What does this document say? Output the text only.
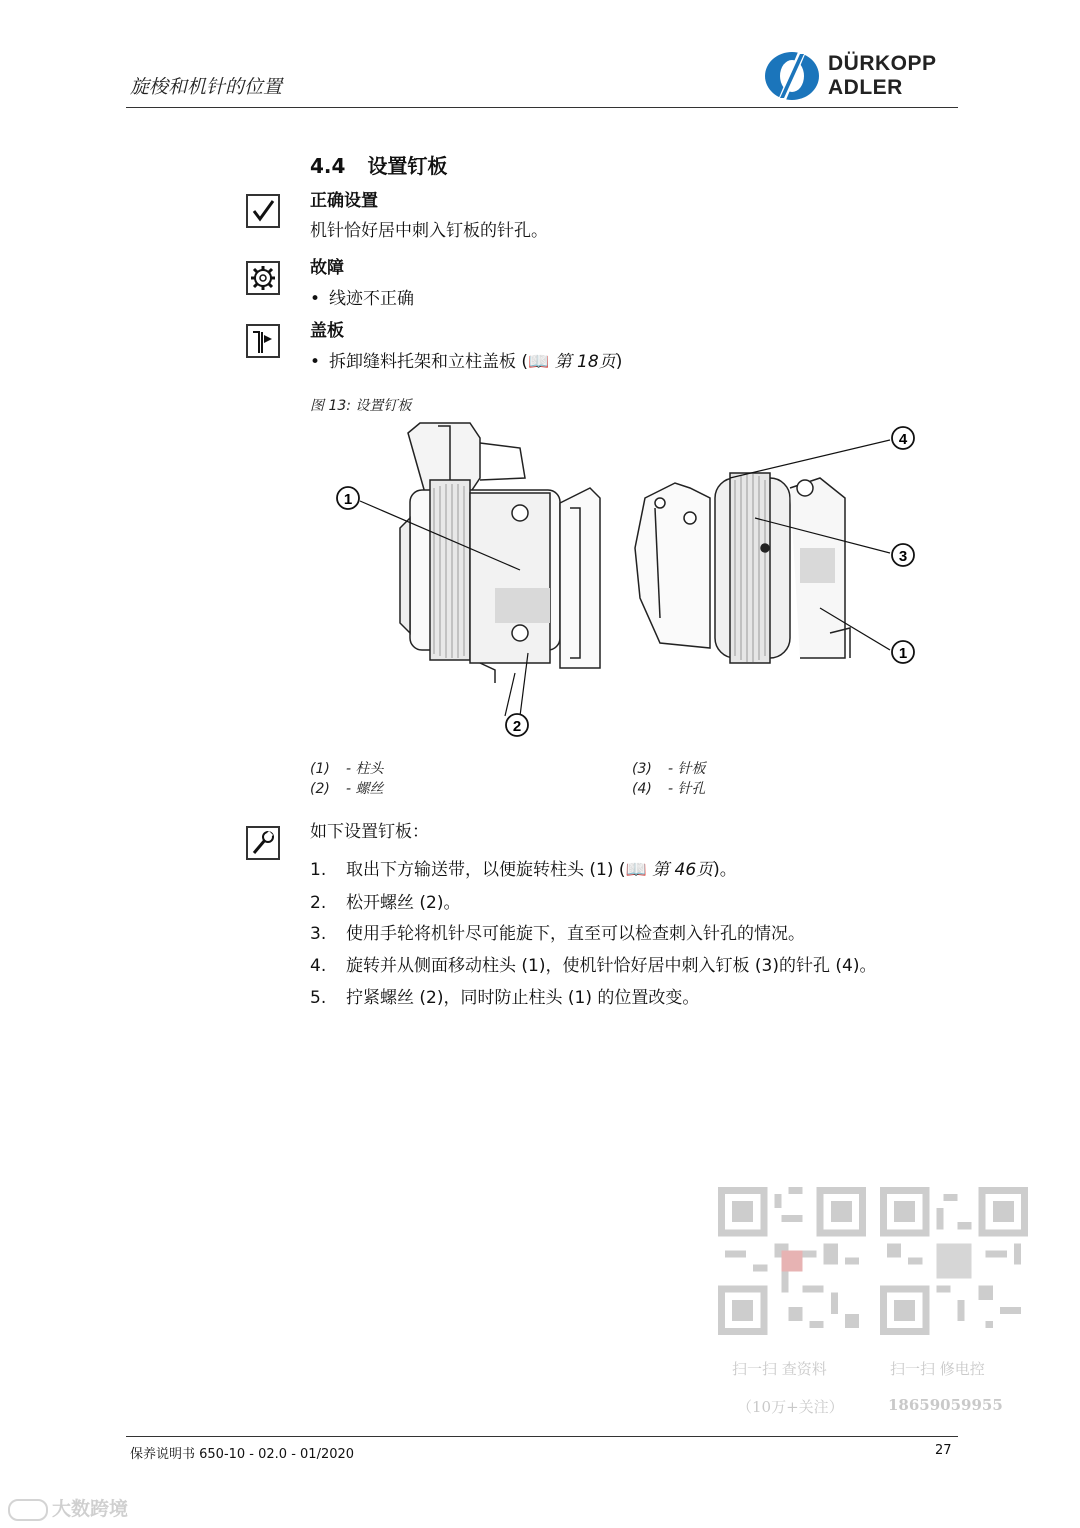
旋梭和机针的位置
DÜRKOPP
ADLER
4.4 设置钉板
正确设置
机针恰好居中刺入钉板的针孔。
故障
• 线迹不正确
盖板
• 拆卸缝料托架和立柱盖板 (📖 第 18页)
图 13: 设置钉板
1
2
3
4
1
(1) - 柱头
(2) - 螺丝
(3) - 针板
(4) - 针孔
如下设置钉板：
1. 取出下方输送带，以便旋转柱头 (1) (📖 第 46页)。
2. 松开螺丝 (2)。
3. 使用手轮将机针尽可能旋下，直至可以检查刺入针孔的情况。
4. 旋转并从侧面移动柱头 (1)，使机针恰好居中刺入钉板 (3)的针孔 (4)。
5. 拧紧螺丝 (2)，同时防止柱头 (1) 的位置改变。
扫一扫 查资料
（10万+关注）
扫一扫 修电控
18659059955
保养说明书 650-10 - 02.0 - 01/2020	27
大数跨境
